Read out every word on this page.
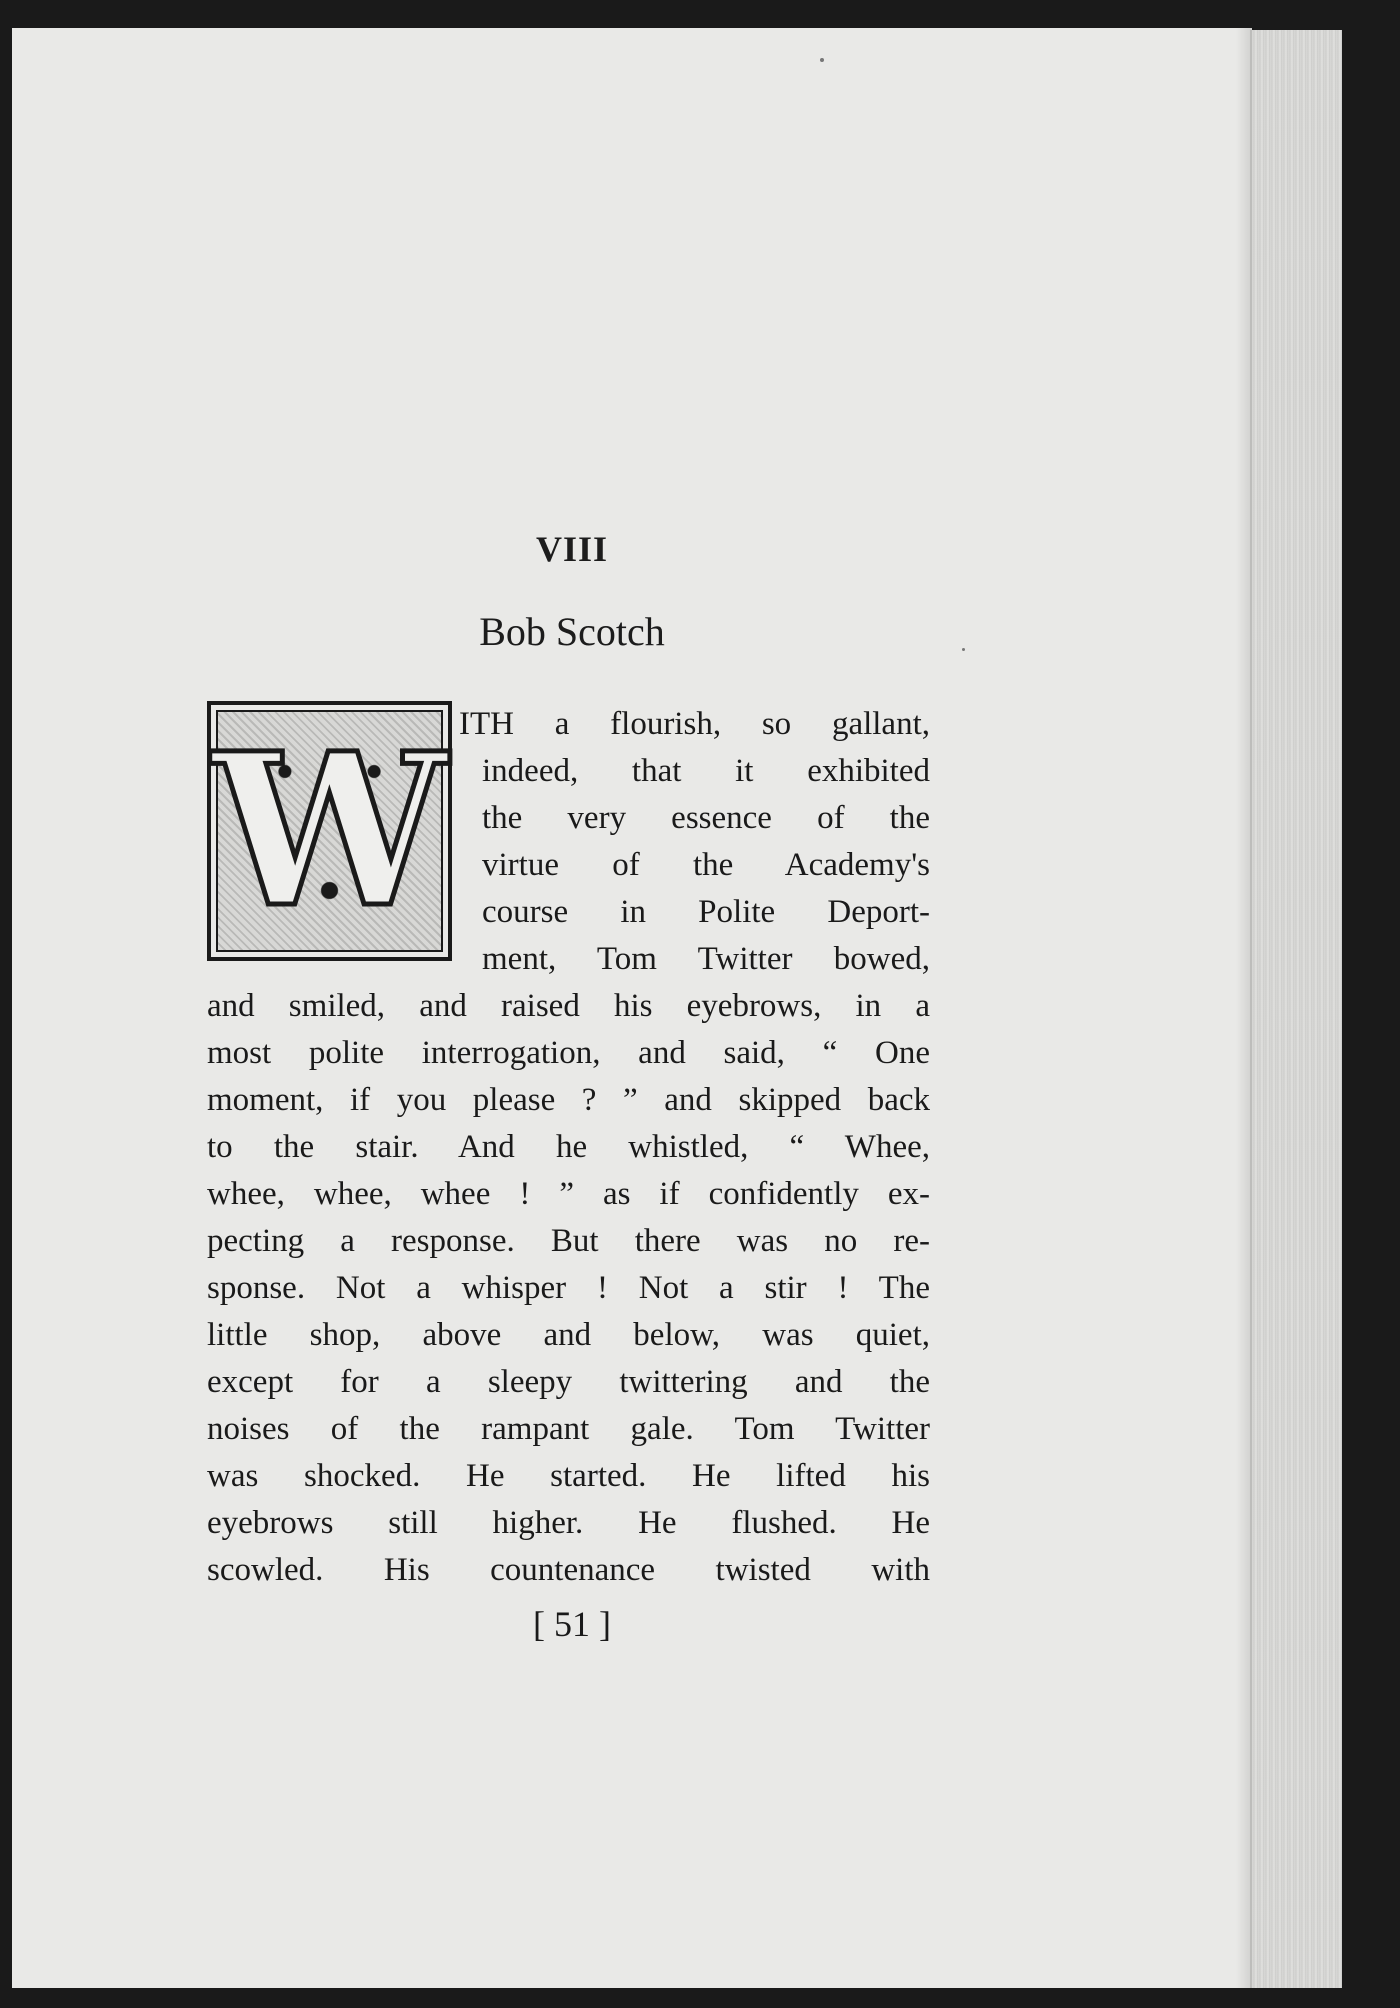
VIII
Bob Scotch
W ITH a flourish, so gallant,
indeed, that it exhibited
the very essence of the
virtue of the Academy's
course in Polite Deport-
ment, Tom Twitter bowed,
and smiled, and raised his eyebrows, in a
most polite interrogation, and said, “ One
moment, if you please ? ” and skipped back
to the stair. And he whistled, “ Whee,
whee, whee, whee ! ” as if confidently ex-
pecting a response. But there was no re-
sponse. Not a whisper ! Not a stir ! The
little shop, above and below, was quiet,
except for a sleepy twittering and the
noises of the rampant gale. Tom Twitter
was shocked. He started. He lifted his
eyebrows still higher. He flushed. He
scowled. His countenance twisted with
[ 51 ]
